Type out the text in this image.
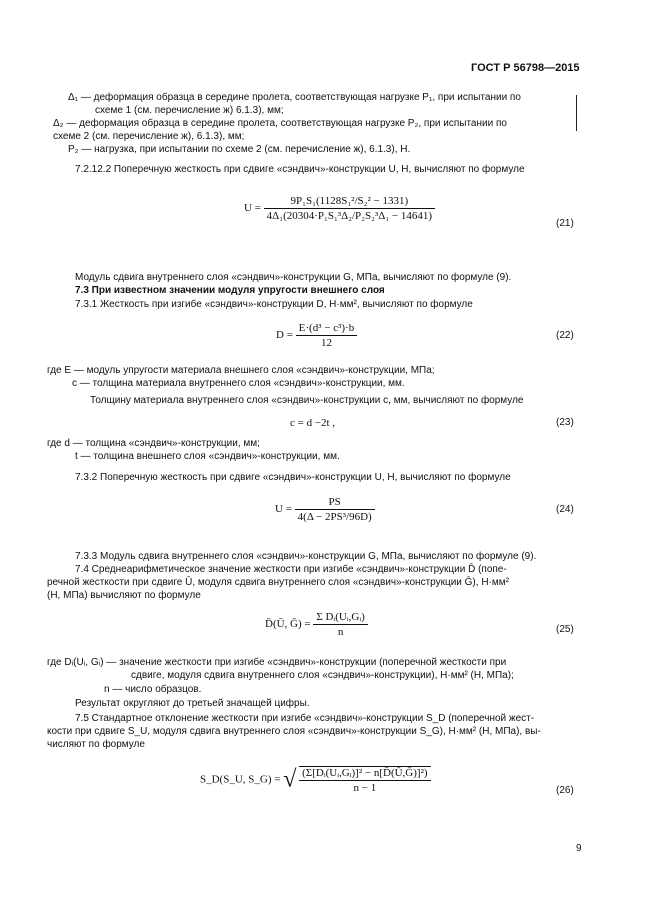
ГОСТ Р 56798—2015
Δ₁ — деформация образца в середине пролета, соответствующая нагрузке P₁, при испытании по
схеме 1 (см. перечисление ж) 6.1.3), мм;
Δ₂ — деформация образца в середине пролета, соответствующая нагрузке P₂, при испытании по
схеме 2 (см. перечисление ж), 6.1.3), мм;
P₂ — нагрузка, при испытании по схеме 2 (см. перечисление ж), 6.1.3), Н.
7.2.12.2 Поперечную жесткость при сдвиге «сэндвич»-конструкции U, Н, вычисляют по формуле
$U = \frac{\text{9P₁S₁(1128S₁²/S₂² − 1331)}}{\text{4Δ₁(20304·P₁S₁³Δ₂/P₂S₂³Δ₁ − 14641)}}$
(21)
Модуль сдвига внутреннего слоя «сэндвич»-конструкции G, МПа, вычисляют по формуле (9).
7.3 При известном значении модуля упругости внешнего слоя
7.3.1 Жесткость при изгибе «сэндвич»-конструкции D, Н·мм², вычисляют по формуле
$D = \frac{\text{E·(d³ − c³)·b}}{12}$	(22)
где E — модуль упругости материала внешнего слоя «сэндвич»-конструкции, МПа;
c — толщина материала внутреннего слоя «сэндвич»-конструкции, мм.
Толщину материала внутреннего слоя «сэндвич»-конструкции c, мм, вычисляют по формуле
c = d −2t ,	(23)
где d — толщина «сэндвич»-конструкции, мм;
t — толщина внешнего слоя «сэндвич»-конструкции, мм.
7.3.2 Поперечную жесткость при сдвиге «сэндвич»-конструкции U, Н, вычисляют по формуле
$U = \frac{PS}{\text{4(Δ − 2PS³/96D)}}$	(24)
7.3.3 Модуль сдвига внутреннего слоя «сэндвич»-конструкции G, МПа, вычисляют по формуле (9).
7.4 Среднеарифметическое значение жесткости при изгибе «сэндвич»-конструкции D̄ (попе-
речной жесткости при сдвиге Ū, модуля сдвига внутреннего слоя «сэндвич»-конструкции Ḡ), Н·мм²
(Н, МПа) вычисляют по формуле
D̄(Ū, Ḡ) = $\frac{\text{Σ Dᵢ(Uᵢ,Gᵢ)}}{n}$	(25)
где Dᵢ(Uᵢ, Gᵢ) — значение жесткости при изгибе «сэндвич»-конструкции (поперечной жесткости при
сдвиге, модуля сдвига внутреннего слоя «сэндвич»-конструкции), Н·мм² (Н, МПа);
n — число образцов.
Результат округляют до третьей значащей цифры.
7.5 Стандартное отклонение жесткости при изгибе «сэндвич»-конструкции S_D (поперечной жест-
кости при сдвиге S_U, модуля сдвига внутреннего слоя «сэндвич»-конструкции S_G), Н·мм² (Н, МПа), вы-
числяют по формуле
S_D(S_U, S_G) = √ $\frac{\text{(Σ[Dᵢ(Uᵢ,Gᵢ)]² − n[D̄(Ū,Ḡ)]²)}}{n - 1}$	(26)
9
